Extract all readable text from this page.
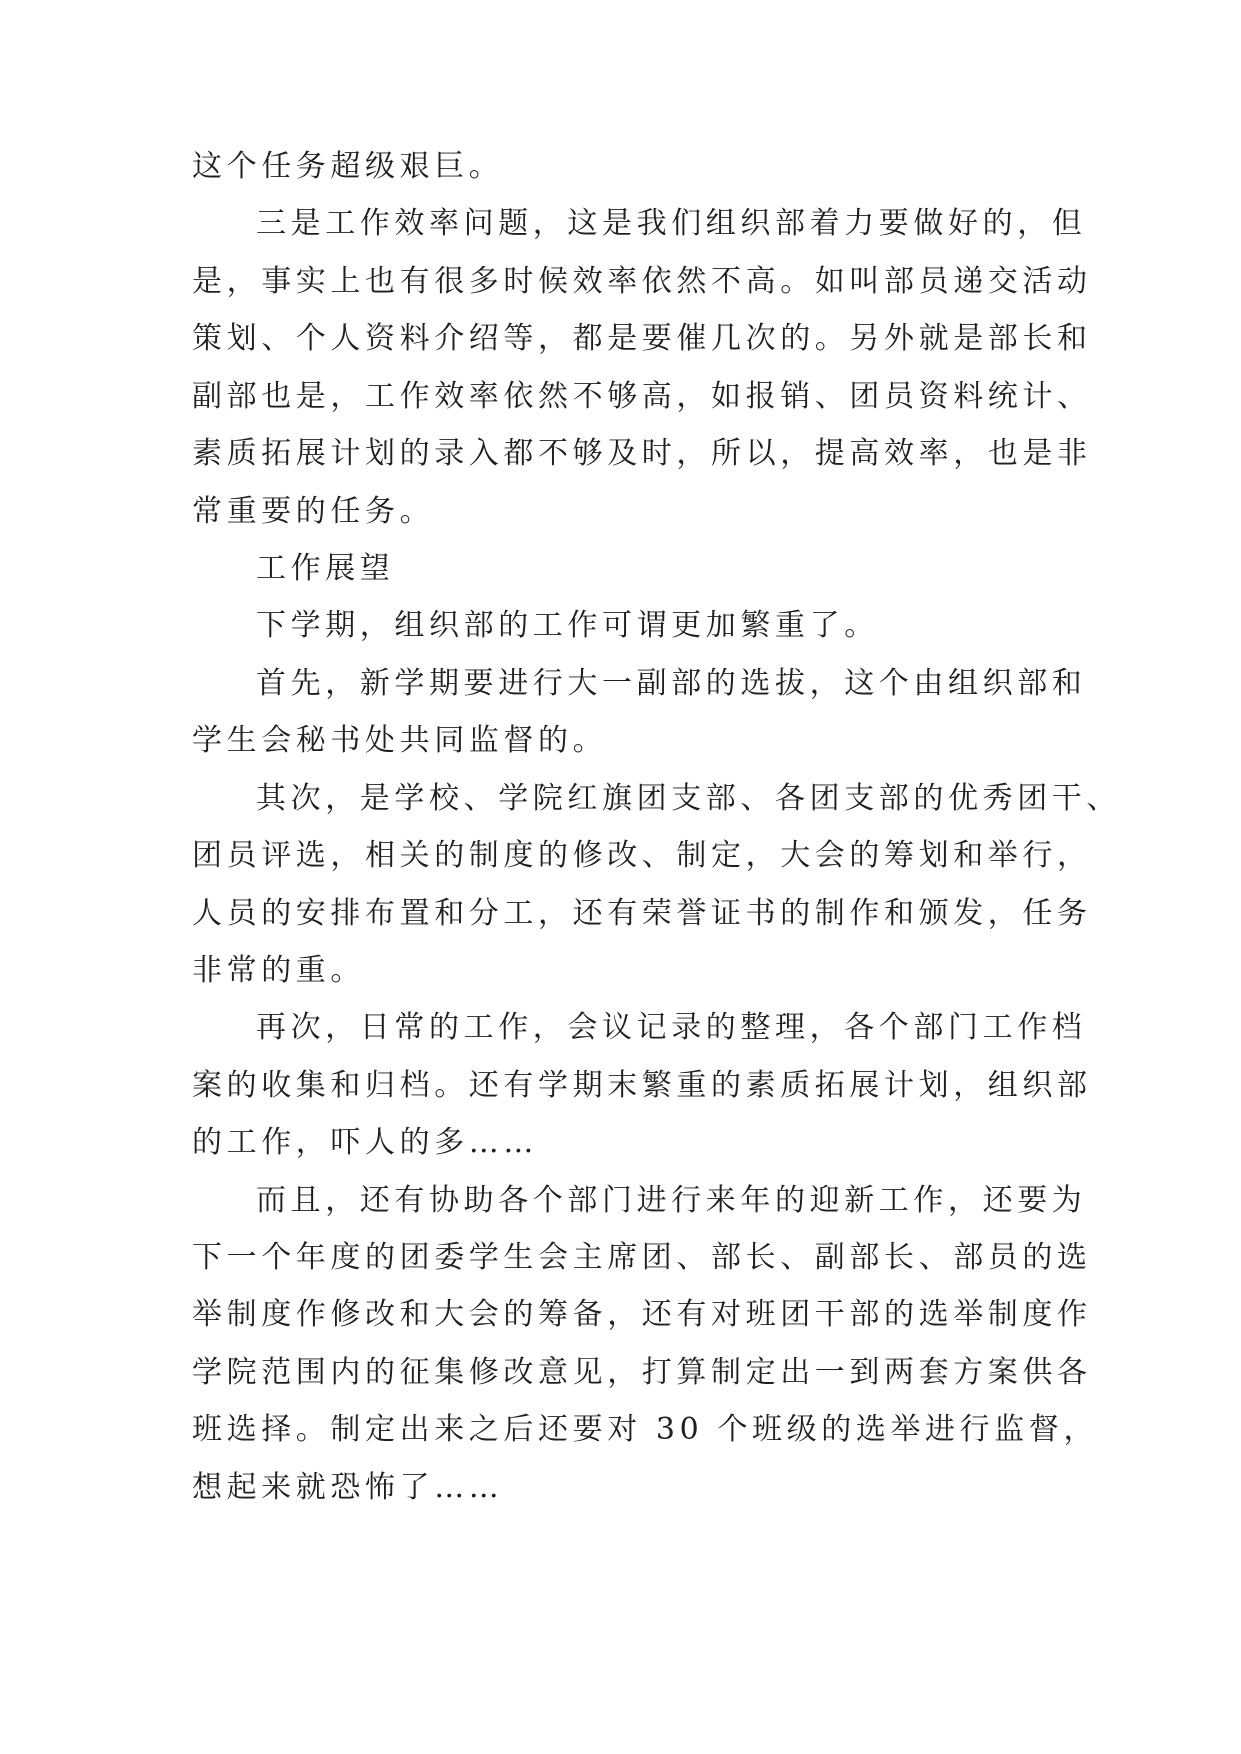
这个任务超级艰巨。

三是工作效率问题，这是我们组织部着力要做好的，但

是，事实上也有很多时候效率依然不高。如叫部员递交活动

策划、个人资料介绍等，都是要催几次的。另外就是部长和

副部也是，工作效率依然不够高，如报销、团员资料统计、

素质拓展计划的录入都不够及时，所以，提高效率，也是非

常重要的任务。

工作展望

下学期，组织部的工作可谓更加繁重了。

首先，新学期要进行大一副部的选拔，这个由组织部和

学生会秘书处共同监督的。

其次，是学校、学院红旗团支部、各团支部的优秀团干、

团员评选，相关的制度的修改、制定，大会的筹划和举行，

人员的安排布置和分工，还有荣誉证书的制作和颁发，任务

非常的重。

再次，日常的工作，会议记录的整理，各个部门工作档

案的收集和归档。还有学期末繁重的素质拓展计划，组织部

的工作，吓人的多……

而且，还有协助各个部门进行来年的迎新工作，还要为

下一个年度的团委学生会主席团、部长、副部长、部员的选

举制度作修改和大会的筹备，还有对班团干部的选举制度作

学院范围内的征集修改意见，打算制定出一到两套方案供各

班选择。制定出来之后还要对 30 个班级的选举进行监督，

想起来就恐怖了……
